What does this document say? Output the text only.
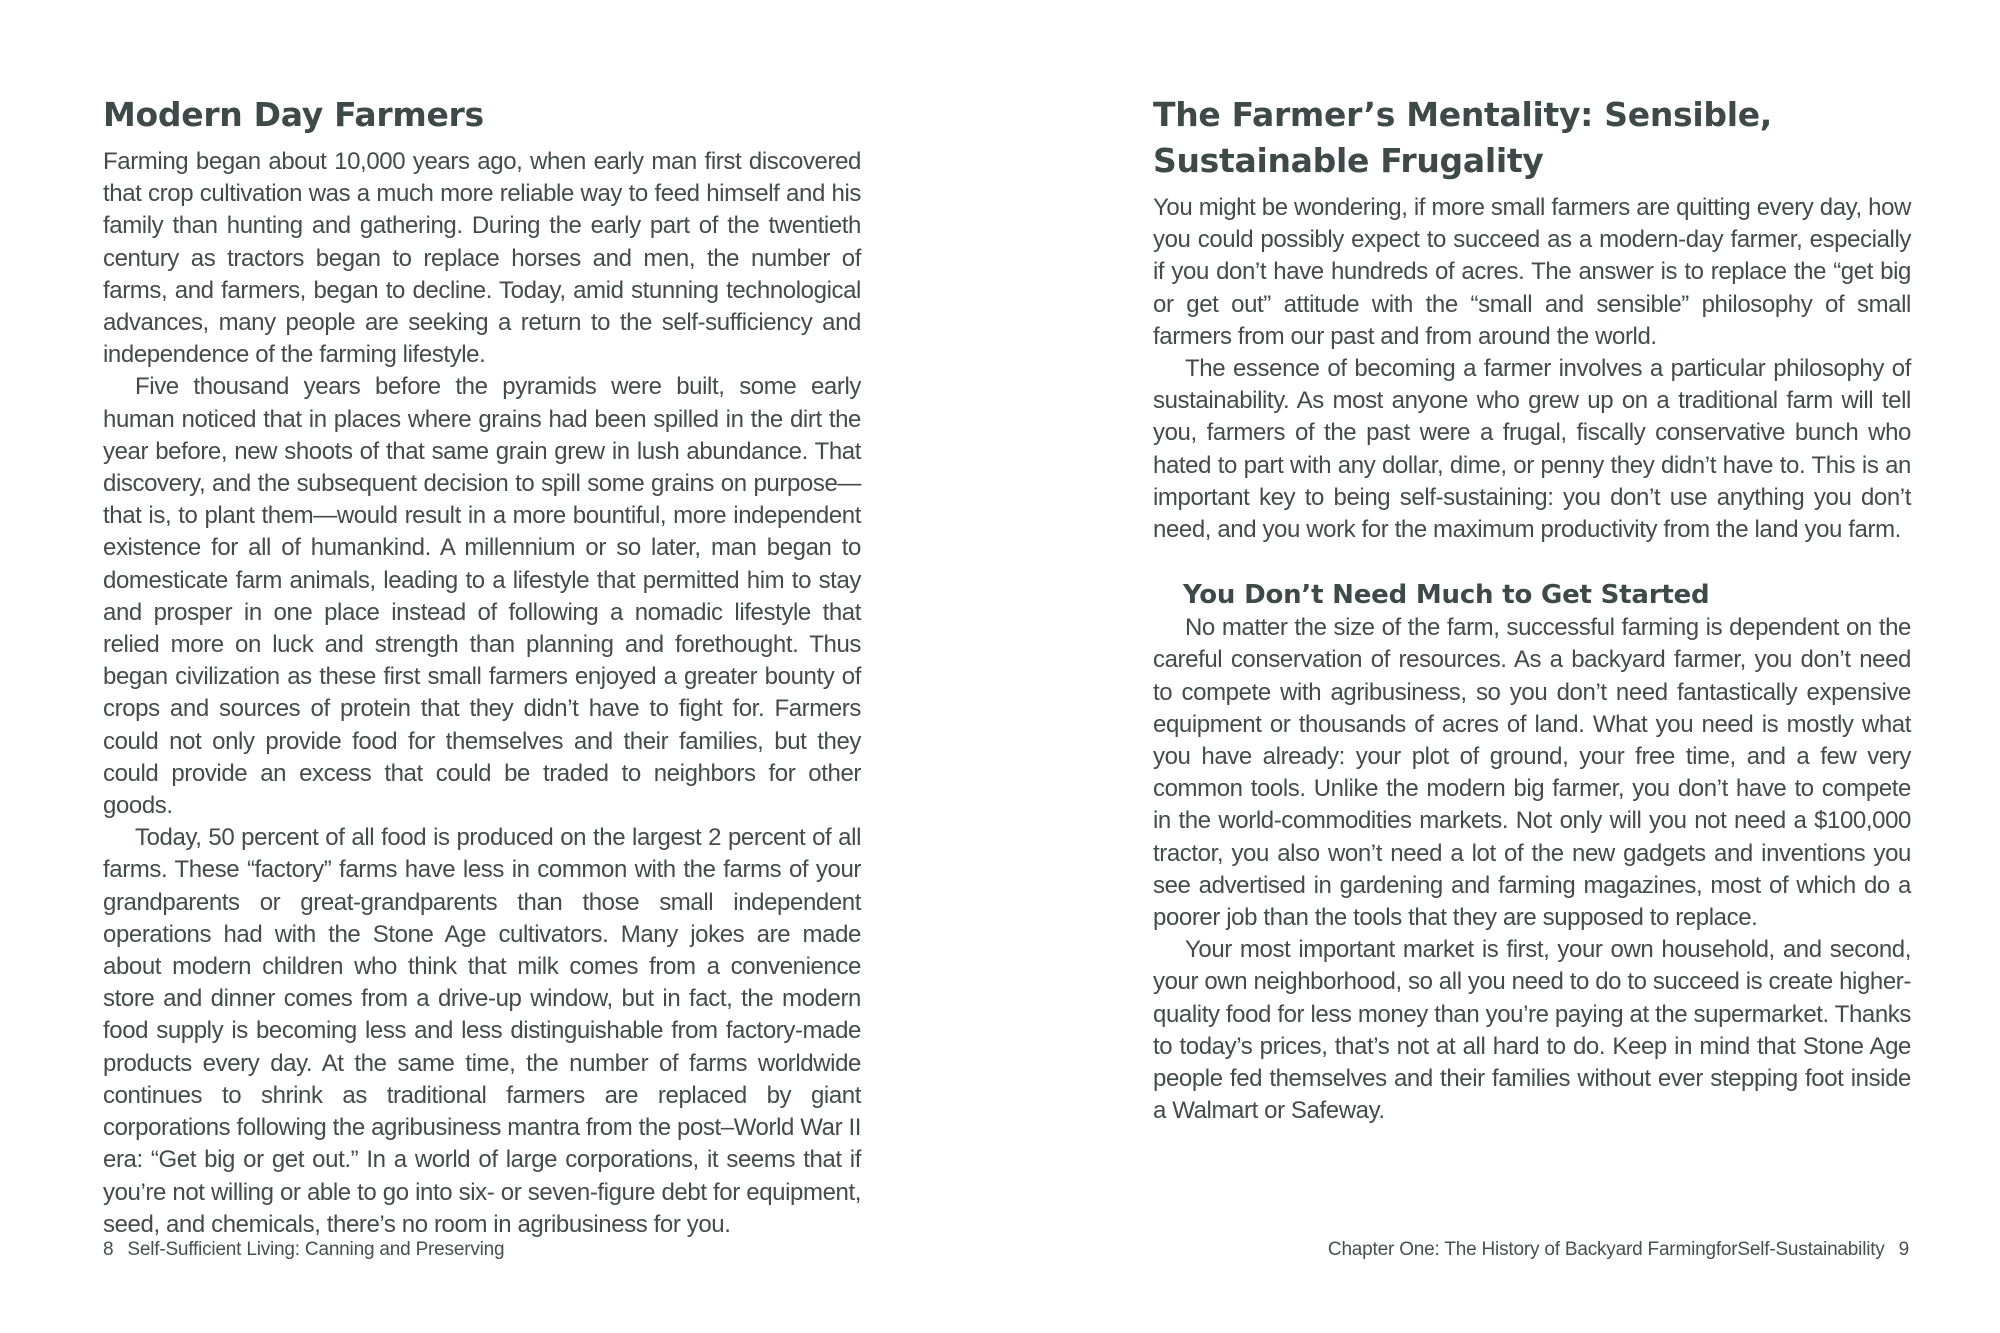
Modern Day Farmers

Farming began about 10,000 years ago, when early man first discovered that crop cultivation was a much more reliable way to feed himself and his family than hunting and gathering. During the early part of the twentieth century as tractors began to replace horses and men, the number of farms, and farmers, began to decline. Today, amid stunning technological advances, many people are seeking a return to the self-sufficiency and independence of the farming lifestyle.

Five thousand years before the pyramids were built, some early human noticed that in places where grains had been spilled in the dirt the year before, new shoots of that same grain grew in lush abundance. That discovery, and the subsequent decision to spill some grains on purpose—that is, to plant them—would result in a more bountiful, more independent existence for all of humankind. A millennium or so later, man began to domesticate farm animals, leading to a lifestyle that permitted him to stay and prosper in one place instead of following a nomadic lifestyle that relied more on luck and strength than planning and forethought. Thus began civilization as these first small farmers enjoyed a greater bounty of crops and sources of protein that they didn’t have to fight for. Farmers could not only provide food for themselves and their families, but they could provide an excess that could be traded to neighbors for other goods.

Today, 50 percent of all food is produced on the largest 2 percent of all farms. These “factory” farms have less in common with the farms of your grandparents or great-grandparents than those small independent operations had with the Stone Age cultivators. Many jokes are made about modern children who think that milk comes from a convenience store and dinner comes from a drive-up window, but in fact, the modern food supply is becoming less and less distinguishable from factory-made products every day. At the same time, the number of farms worldwide continues to shrink as traditional farmers are replaced by giant corporations following the agribusiness mantra from the post–World War II era: “Get big or get out.” In a world of large corporations, it seems that if you’re not willing or able to go into six- or seven-figure debt for equipment, seed, and chemicals, there’s no room in agribusiness for you.

8 Self-Sufficient Living: Canning and Preserving
The Farmer’s Mentality: Sensible, Sustainable Frugality

You might be wondering, if more small farmers are quitting every day, how you could possibly expect to succeed as a modern-day farmer, especially if you don’t have hundreds of acres. The answer is to replace the “get big or get out” attitude with the “small and sensible” philosophy of small farmers from our past and from around the world.

The essence of becoming a farmer involves a particular philosophy of sustainability. As most anyone who grew up on a traditional farm will tell you, farmers of the past were a frugal, fiscally conservative bunch who hated to part with any dollar, dime, or penny they didn’t have to. This is an important key to being self-sustaining: you don’t use anything you don’t need, and you work for the maximum productivity from the land you farm.

You Don’t Need Much to Get Started

No matter the size of the farm, successful farming is dependent on the careful conservation of resources. As a backyard farmer, you don’t need to compete with agribusiness, so you don’t need fantastically expensive equipment or thousands of acres of land. What you need is mostly what you have already: your plot of ground, your free time, and a few very common tools. Unlike the modern big farmer, you don’t have to compete in the world-commodities markets. Not only will you not need a $100,000 tractor, you also won’t need a lot of the new gadgets and inventions you see advertised in gardening and farming magazines, most of which do a poorer job than the tools that they are supposed to replace.

Your most important market is first, your own household, and second, your own neighborhood, so all you need to do to succeed is create higher-quality food for less money than you’re paying at the supermarket. Thanks to today’s prices, that’s not at all hard to do. Keep in mind that Stone Age people fed themselves and their families without ever stepping foot inside a Walmart or Safeway.

Chapter One: The History of Backyard FarmingforSelf-Sustainability 9
